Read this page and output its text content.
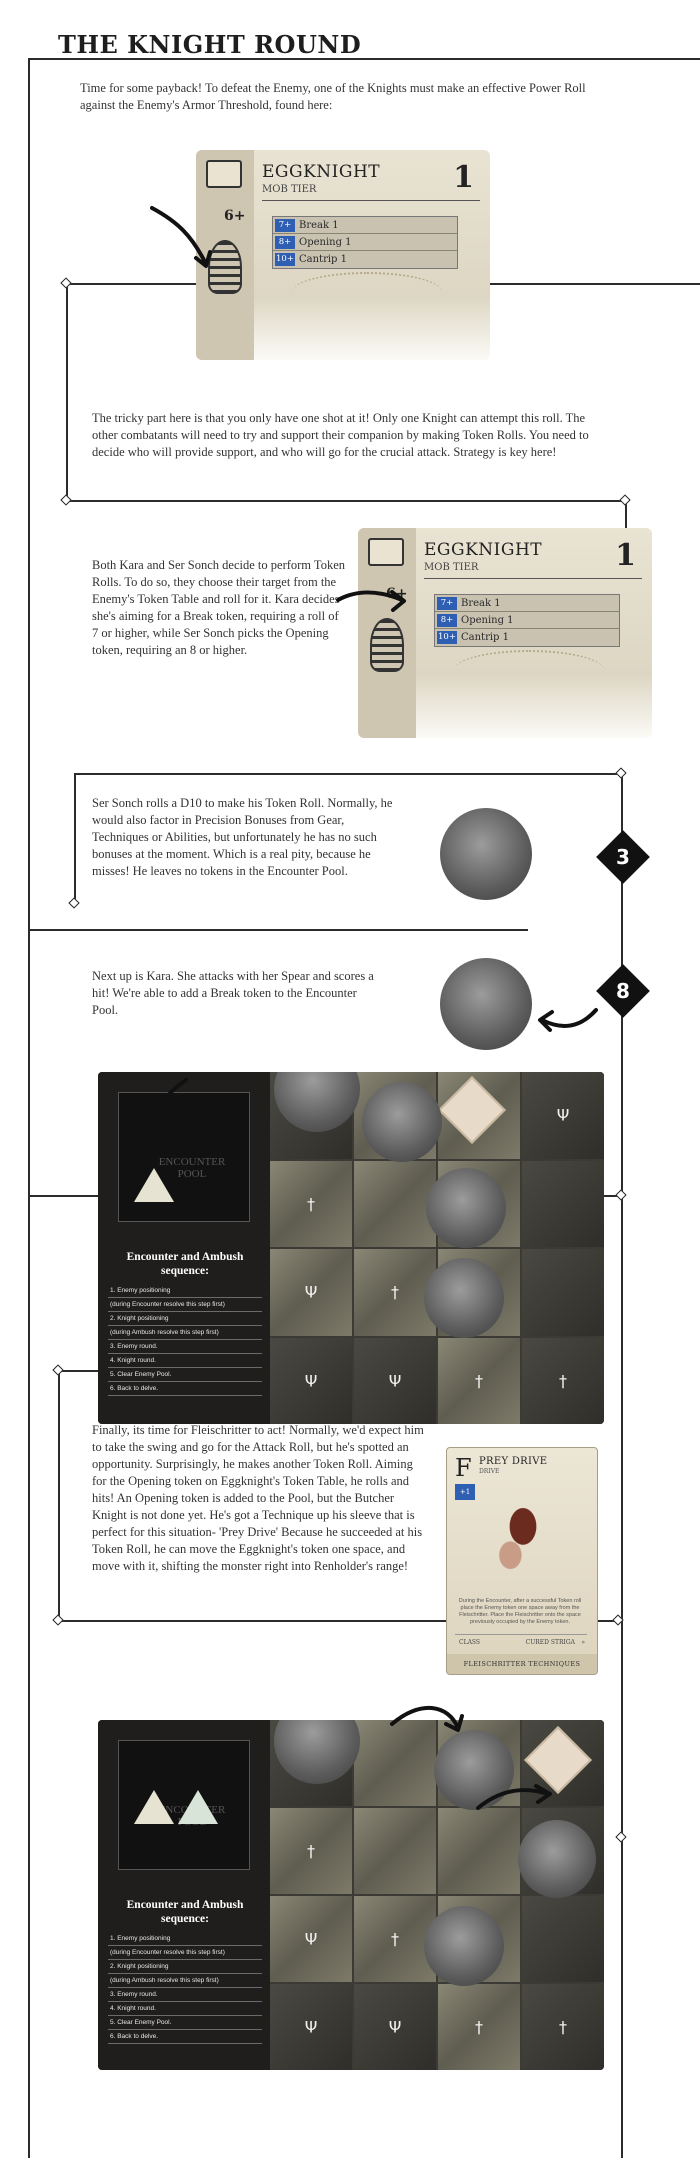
THE KNIGHT ROUND

Time for some payback! To defeat the Enemy, one of the Knights must make an effective Power Roll against the Enemy's Armor Threshold, found here:

6+
EGGKNIGHT
MOB TIER	1
7+ Break 1
8+ Opening 1
10+ Cantrip 1

The tricky part here is that you only have one shot at it! Only one Knight can attempt this roll. The other combatants will need to try and support their companion by making Token Rolls. You need to decide who will provide support, and who will go for the crucial attack. Strategy is key here!

Both Kara and Ser Sonch decide to perform Token Rolls. To do so, they choose their target from the Enemy's Token Table and roll for it. Kara decides she's aiming for a Break token, requiring a roll of 7 or higher, while Ser Sonch picks the Opening token, requiring an 8 or higher.

6+
EGGKNIGHT
MOB TIER	1
7+ Break 1
8+ Opening 1
10+ Cantrip 1

Ser Sonch rolls a D10 to make his Token Roll. Normally, he would also factor in Precision Bonuses from Gear, Techniques or Abilities, but unfortunately he has no such bonuses at the moment. Which is a real pity, because he misses! He leaves no tokens in the Encounter Pool.

3

Next up is Kara. She attacks with her Spear and scores a hit! We're able to add a Break token to the Encounter Pool.

8
ENCOUNTER POOL
Encounter and Ambush sequence:
1. Enemy positioning
(during Encounter resolve this step first)
2. Knight positioning
(during Ambush resolve this step first)
3. Enemy round.
4. Knight round.
5. Clear Enemy Pool.
6. Back to delve.
Ψ
†
Ψ	†
Ψ	Ψ	†	†

Finally, its time for Fleischritter to act! Normally, we'd expect him to take the swing and go for the Attack Roll, but he's spotted an opportunity. Surprisingly, he makes another Token Roll. Aiming for the Opening token on Eggknight's Token Table, he rolls and hits! An Opening token is added to the Pool, but the Butcher Knight is not done yet. He's got a Technique up his sleeve that is perfect for this situation- 'Prey Drive' Because he succeeded at his Token Roll, he can move the Eggknight's token one space, and move with it, shifting the monster right into Renholder's range!

F PREY DRIVE
DRIVE
+1
During the Encounter, after a successful Token roll place the Enemy token one space away from the Fleischritter. Place the Fleischritter onto the space previously occupied by the Enemy token.
CLASS	CURED STRIGA »
FLEISCHRITTER TECHNIQUES
ENCOUNTER POOL
Encounter and Ambush sequence:
1. Enemy positioning
(during Encounter resolve this step first)
2. Knight positioning
(during Ambush resolve this step first)
3. Enemy round.
4. Knight round.
5. Clear Enemy Pool.
6. Back to delve.
†
Ψ	†
Ψ	Ψ	†	†
